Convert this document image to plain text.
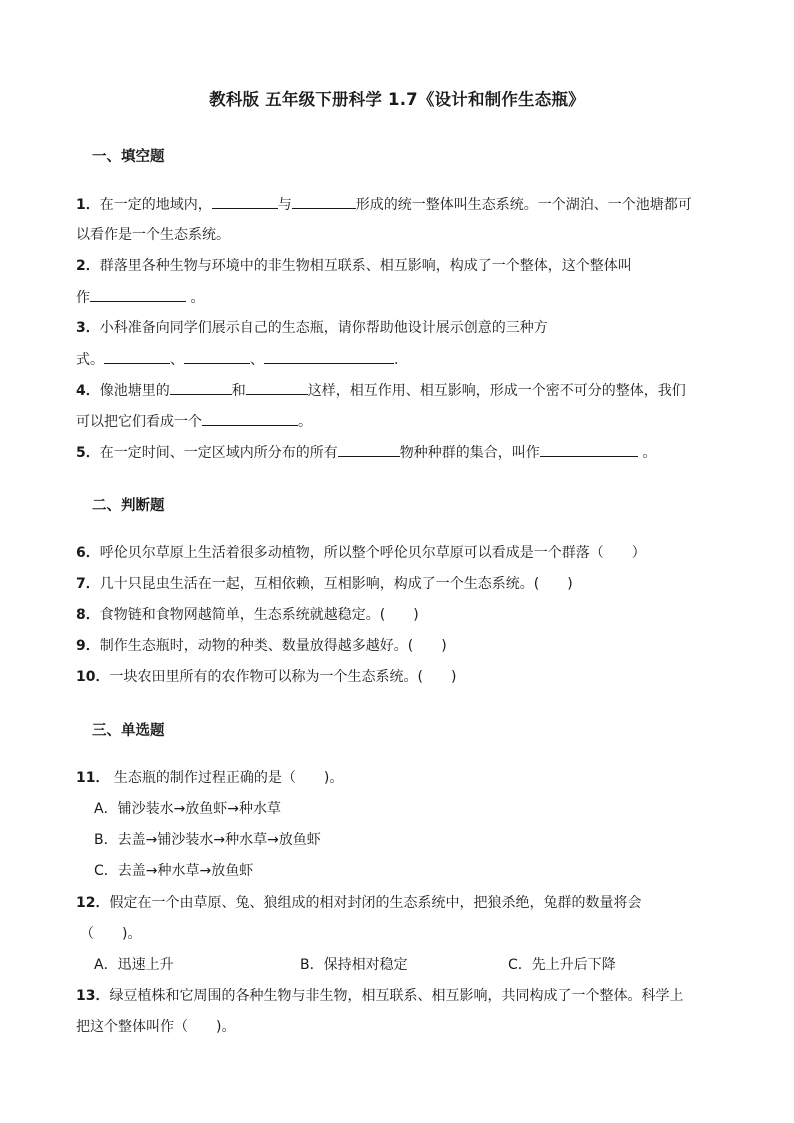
教科版 五年级下册科学 1.7《设计和制作生态瓶》
一、填空题
1．在一定的地域内，	与	形成的统一整体叫生态系统。一个湖泊、一个池塘都可
以看作是一个生态系统。
2．群落里各种生物与环境中的非生物相互联系、相互影响，构成了一个整体，这个整体叫
作	。
3．小科准备向同学们展示自己的生态瓶，请你帮助他设计展示创意的三种方
式。	、	、	.
4．像池塘里的	和	这样，相互作用、相互影响，形成一个密不可分的整体，我们
可以把它们看成一个	。
5．在一定时间、一定区域内所分布的所有	物种种群的集合，叫作	。
二、判断题
6．呼伦贝尔草原上生活着很多动植物，所以整个呼伦贝尔草原可以看成是一个群落（　　）
7．几十只昆虫生活在一起，互相依赖，互相影响，构成了一个生态系统。(　　)
8．食物链和食物网越简单，生态系统就越稳定。(　　)
9．制作生态瓶时，动物的种类、数量放得越多越好。(　　)
10．一块农田里所有的农作物可以称为一个生态系统。(　　)
三、单选题
11． 生态瓶的制作过程正确的是（　　)。
A．铺沙装水→放鱼虾→种水草
B．去盖→铺沙装水→种水草→放鱼虾
C．去盖→种水草→放鱼虾
12．假定在一个由草原、兔、狼组成的相对封闭的生态系统中，把狼杀绝，兔群的数量将会
（　　)。
A．迅速上升	B．保持相对稳定	C．先上升后下降
13．绿豆植株和它周围的各种生物与非生物，相互联系、相互影响，共同构成了一个整体。科学上
把这个整体叫作（　　)。
